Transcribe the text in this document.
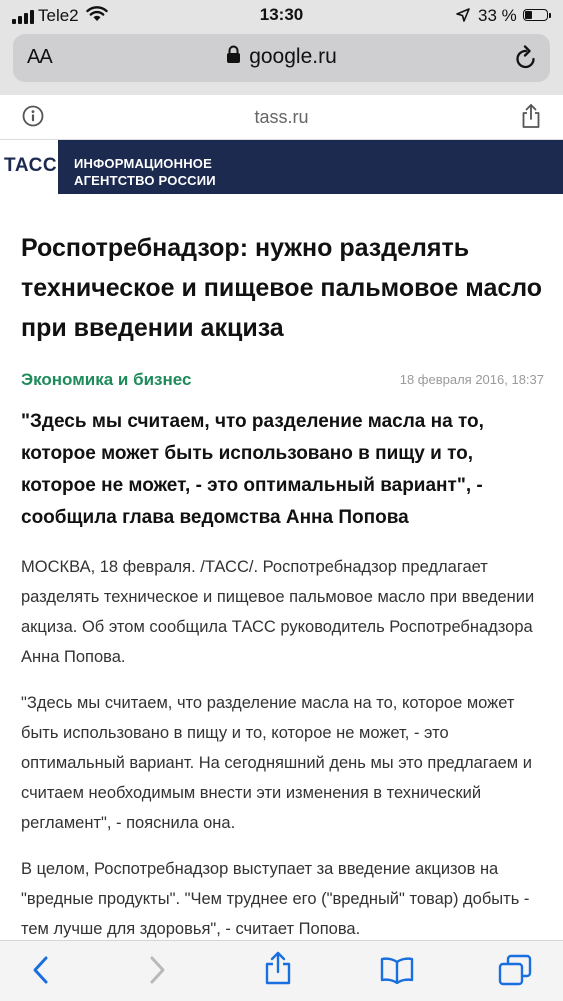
Tele2	13:30	33 %
AA	google.ru
tass.ru
ТАСС ИНФОРМАЦИОННОЕ
АГЕНТСТВО РОССИИ
Роспотребнадзор: нужно разделять техническое и пищевое пальмовое масло при введении акциза
Экономика и бизнес	18 февраля 2016, 18:37

"Здесь мы считаем, что разделение масла на то, которое может быть использовано в пищу и то, которое не может, - это оптимальный вариант", - сообщила глава ведомства Анна Попова

МОСКВА, 18 февраля. /ТАСС/. Роспотребнадзор предлагает разделять техническое и пищевое пальмовое масло при введении акциза. Об этом сообщила ТАСС руководитель Роспотребнадзора Анна Попова.

"Здесь мы считаем, что разделение масла на то, которое может быть использовано в пищу и то, которое не может, - это оптимальный вариант. На сегодняшний день мы это предлагаем и считаем необходимым внести эти изменения в технический регламент", - пояснила она.

В целом, Роспотребнадзор выступает за введение акцизов на "вредные продукты". "Чем труднее его ("вредный" товар) добыть - тем лучше для здоровья", - считает Попова.
